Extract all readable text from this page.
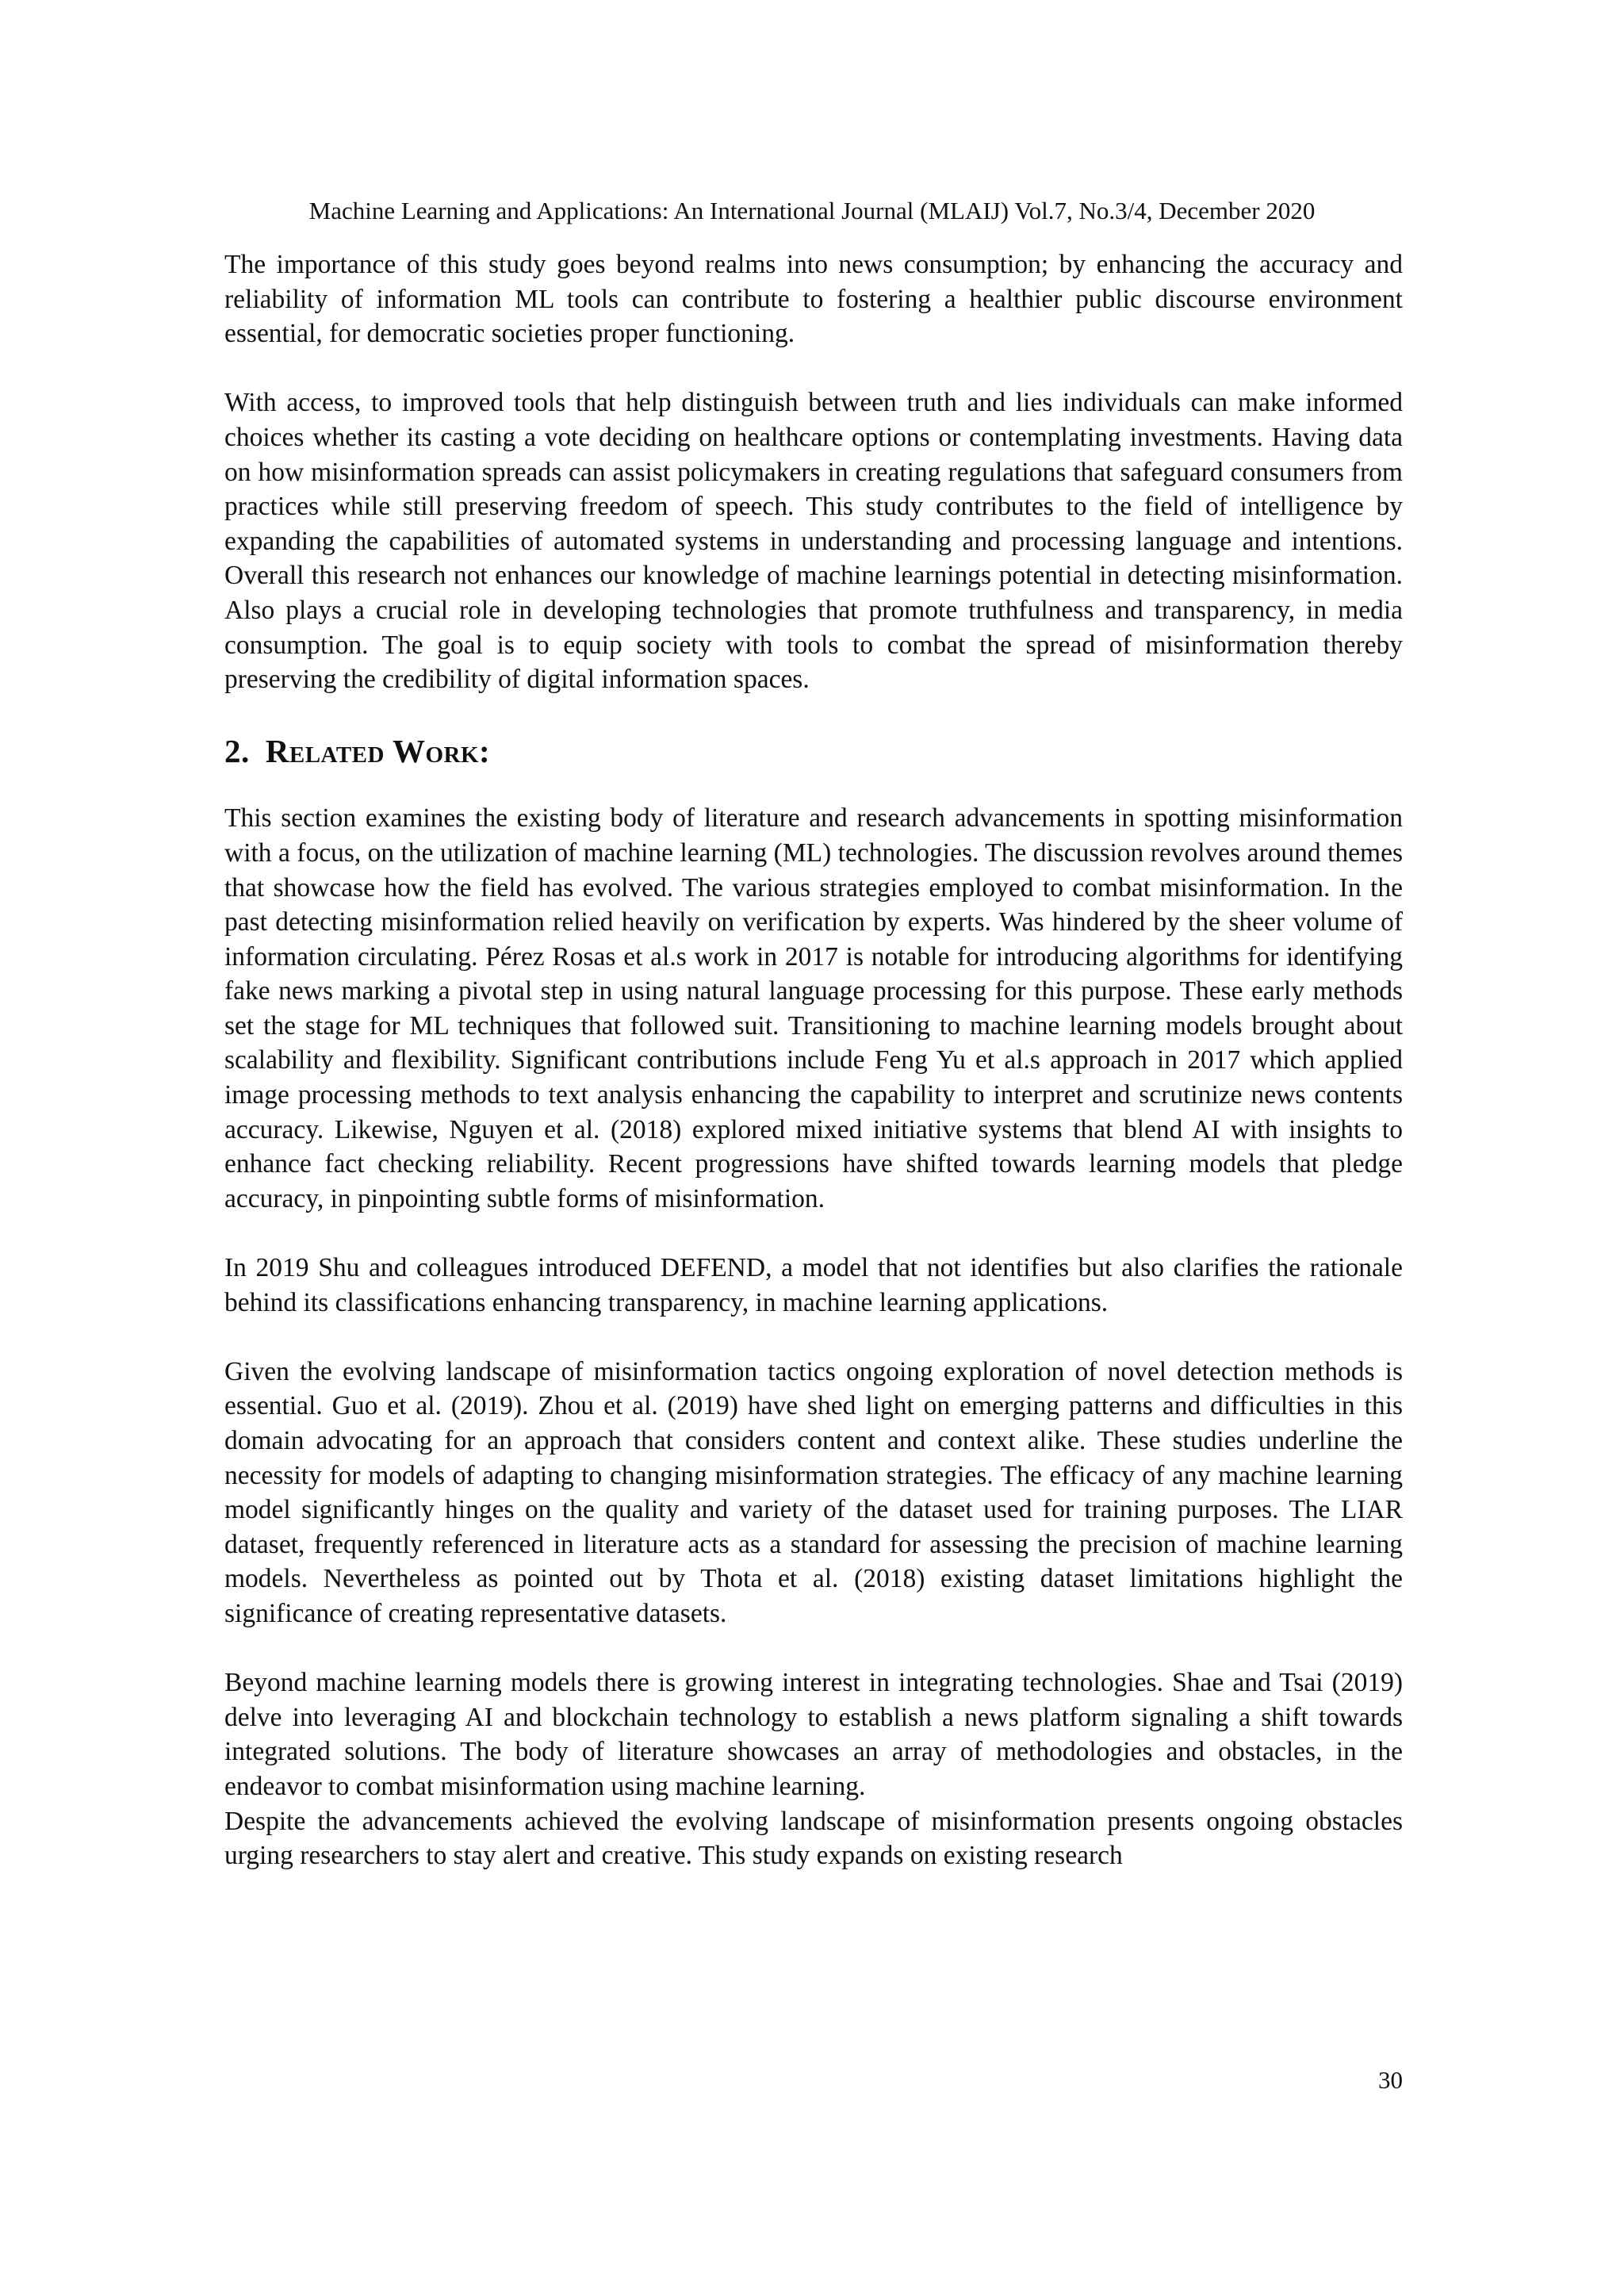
Machine Learning and Applications: An International Journal (MLAIJ) Vol.7, No.3/4, December 2020

The importance of this study goes beyond realms into news consumption; by enhancing the accuracy and reliability of information ML tools can contribute to fostering a healthier public discourse environment essential, for democratic societies proper functioning.

With access, to improved tools that help distinguish between truth and lies individuals can make informed choices whether its casting a vote deciding on healthcare options or contemplating investments. Having data on how misinformation spreads can assist policymakers in creating regulations that safeguard consumers from practices while still preserving freedom of speech. This study contributes to the field of intelligence by expanding the capabilities of automated systems in understanding and processing language and intentions. Overall this research not enhances our knowledge of machine learnings potential in detecting misinformation. Also plays a crucial role in developing technologies that promote truthfulness and transparency, in media consumption. The goal is to equip society with tools to combat the spread of misinformation thereby preserving the credibility of digital information spaces.

2. Related Work:

This section examines the existing body of literature and research advancements in spotting misinformation with a focus, on the utilization of machine learning (ML) technologies. The discussion revolves around themes that showcase how the field has evolved. The various strategies employed to combat misinformation. In the past detecting misinformation relied heavily on verification by experts. Was hindered by the sheer volume of information circulating. Pérez Rosas et al.s work in 2017 is notable for introducing algorithms for identifying fake news marking a pivotal step in using natural language processing for this purpose. These early methods set the stage for ML techniques that followed suit. Transitioning to machine learning models brought about scalability and flexibility. Significant contributions include Feng Yu et al.s approach in 2017 which applied image processing methods to text analysis enhancing the capability to interpret and scrutinize news contents accuracy. Likewise, Nguyen et al. (2018) explored mixed initiative systems that blend AI with insights to enhance fact checking reliability. Recent progressions have shifted towards learning models that pledge accuracy, in pinpointing subtle forms of misinformation.

In 2019 Shu and colleagues introduced DEFEND, a model that not identifies but also clarifies the rationale behind its classifications enhancing transparency, in machine learning applications.

Given the evolving landscape of misinformation tactics ongoing exploration of novel detection methods is essential. Guo et al. (2019). Zhou et al. (2019) have shed light on emerging patterns and difficulties in this domain advocating for an approach that considers content and context alike. These studies underline the necessity for models of adapting to changing misinformation strategies. The efficacy of any machine learning model significantly hinges on the quality and variety of the dataset used for training purposes. The LIAR dataset, frequently referenced in literature acts as a standard for assessing the precision of machine learning models. Nevertheless as pointed out by Thota et al. (2018) existing dataset limitations highlight the significance of creating representative datasets.

Beyond machine learning models there is growing interest in integrating technologies. Shae and Tsai (2019) delve into leveraging AI and blockchain technology to establish a news platform signaling a shift towards integrated solutions. The body of literature showcases an array of methodologies and obstacles, in the endeavor to combat misinformation using machine learning.

Despite the advancements achieved the evolving landscape of misinformation presents ongoing obstacles urging researchers to stay alert and creative. This study expands on existing research

30
